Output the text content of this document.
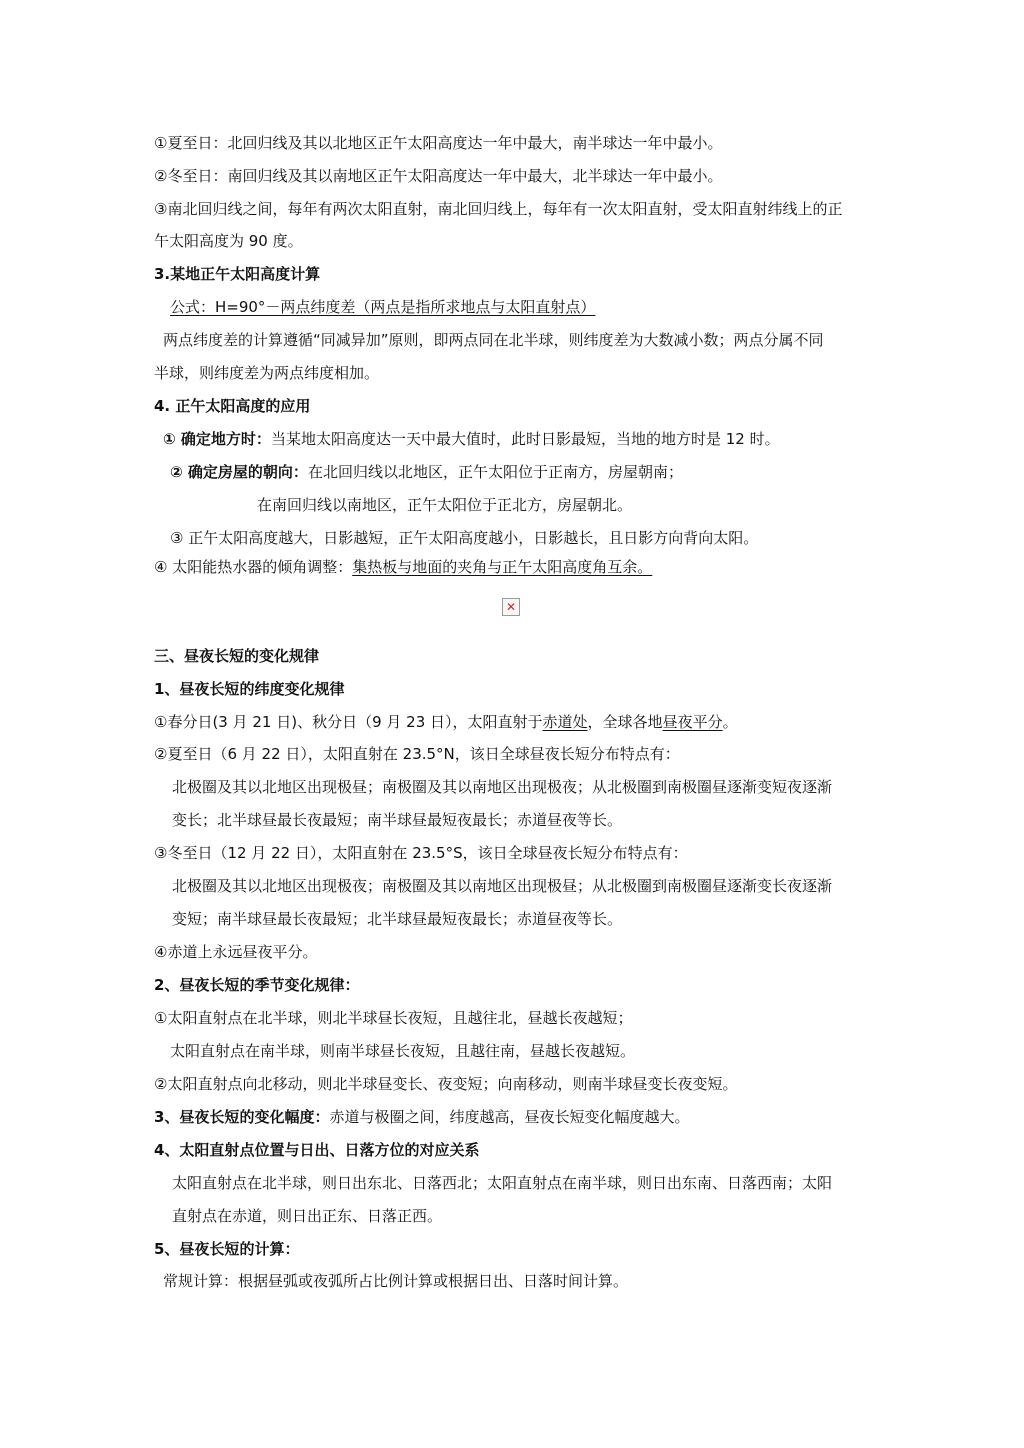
①夏至日：北回归线及其以北地区正午太阳高度达一年中最大，南半球达一年中最小。
②冬至日：南回归线及其以南地区正午太阳高度达一年中最大，北半球达一年中最小。
③南北回归线之间，每年有两次太阳直射，南北回归线上，每年有一次太阳直射，受太阳直射纬线上的正
午太阳高度为 90 度。
3.某地正午太阳高度计算
公式：H=90°－两点纬度差（两点是指所求地点与太阳直射点）
两点纬度差的计算遵循“同减异加”原则，即两点同在北半球，则纬度差为大数减小数；两点分属不同
半球，则纬度差为两点纬度相加。
4. 正午太阳高度的应用
① 确定地方时：当某地太阳高度达一天中最大值时，此时日影最短，当地的地方时是 12 时。
② 确定房屋的朝向：在北回归线以北地区，正午太阳位于正南方，房屋朝南；
在南回归线以南地区，正午太阳位于正北方，房屋朝北。
③ 正午太阳高度越大，日影越短，正午太阳高度越小，日影越长，且日影方向背向太阳。
④ 太阳能热水器的倾角调整：集热板与地面的夹角与正午太阳高度角互余。
✕
三、昼夜长短的变化规律
1、昼夜长短的纬度变化规律
①春分日(3 月 21 日)、秋分日（9 月 23 日），太阳直射于赤道处，全球各地昼夜平分。
②夏至日（6 月 22 日），太阳直射在 23.5°N，该日全球昼夜长短分布特点有：
北极圈及其以北地区出现极昼；南极圈及其以南地区出现极夜；从北极圈到南极圈昼逐渐变短夜逐渐
变长；北半球昼最长夜最短；南半球昼最短夜最长；赤道昼夜等长。
③冬至日（12 月 22 日），太阳直射在 23.5°S，该日全球昼夜长短分布特点有：
北极圈及其以北地区出现极夜；南极圈及其以南地区出现极昼；从北极圈到南极圈昼逐渐变长夜逐渐
变短；南半球昼最长夜最短；北半球昼最短夜最长；赤道昼夜等长。
④赤道上永远昼夜平分。
2、昼夜长短的季节变化规律：
①太阳直射点在北半球，则北半球昼长夜短，且越往北，昼越长夜越短；
太阳直射点在南半球，则南半球昼长夜短，且越往南，昼越长夜越短。
②太阳直射点向北移动，则北半球昼变长、夜变短；向南移动，则南半球昼变长夜变短。
3、昼夜长短的变化幅度：赤道与极圈之间，纬度越高，昼夜长短变化幅度越大。
4、太阳直射点位置与日出、日落方位的对应关系
太阳直射点在北半球，则日出东北、日落西北；太阳直射点在南半球，则日出东南、日落西南；太阳
直射点在赤道，则日出正东、日落正西。
5、昼夜长短的计算：
常规计算：根据昼弧或夜弧所占比例计算或根据日出、日落时间计算。
